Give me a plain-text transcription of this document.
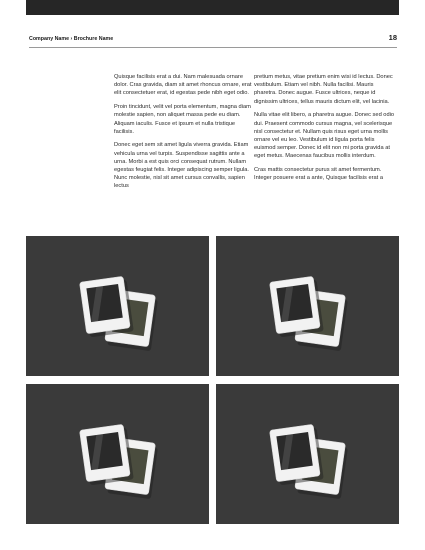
Company Name › Brochure Name	18

Quisque facilisis erat a dui. Nam malesuada ornare dolor. Cras gravida, diam sit amet rhoncus ornare, erat elit consectetuer erat, id egestas pede nibh eget odio.

Proin tincidunt, velit vel porta elementum, magna diam molestie sapien, non aliquet massa pede eu diam. Aliquam iaculis. Fusce et ipsum et nulla tristique facilisis.

Donec eget sem sit amet ligula viverra gravida. Etiam vehicula urna vel turpis. Suspendisse sagittis ante a urna. Morbi a est quis orci consequat rutrum. Nullam egestas feugiat felis. Integer adipiscing semper ligula. Nunc molestie, nisl sit amet cursus convallis, sapien lectus

pretium metus, vitae pretium enim wisi id lectus. Donec vestibulum. Etiam vel nibh. Nulla facilisi. Mauris pharetra. Donec augue. Fusce ultrices, neque id dignissim ultrices, tellus mauris dictum elit, vel lacinia.

Nulla vitae elit libero, a pharetra augue. Donec sed odio dui. Praesent commodo cursus magna, vel scelerisque nisl consectetur et. Nullam quis risus eget urna mollis ornare vel eu leo. Vestibulum id ligula porta felis euismod semper. Donec id elit non mi porta gravida at eget metus. Maecenas faucibus mollis interdum.

Cras mattis consectetur purus sit amet fermentum. Integer posuere erat a ante, Quisque facilisis erat a
